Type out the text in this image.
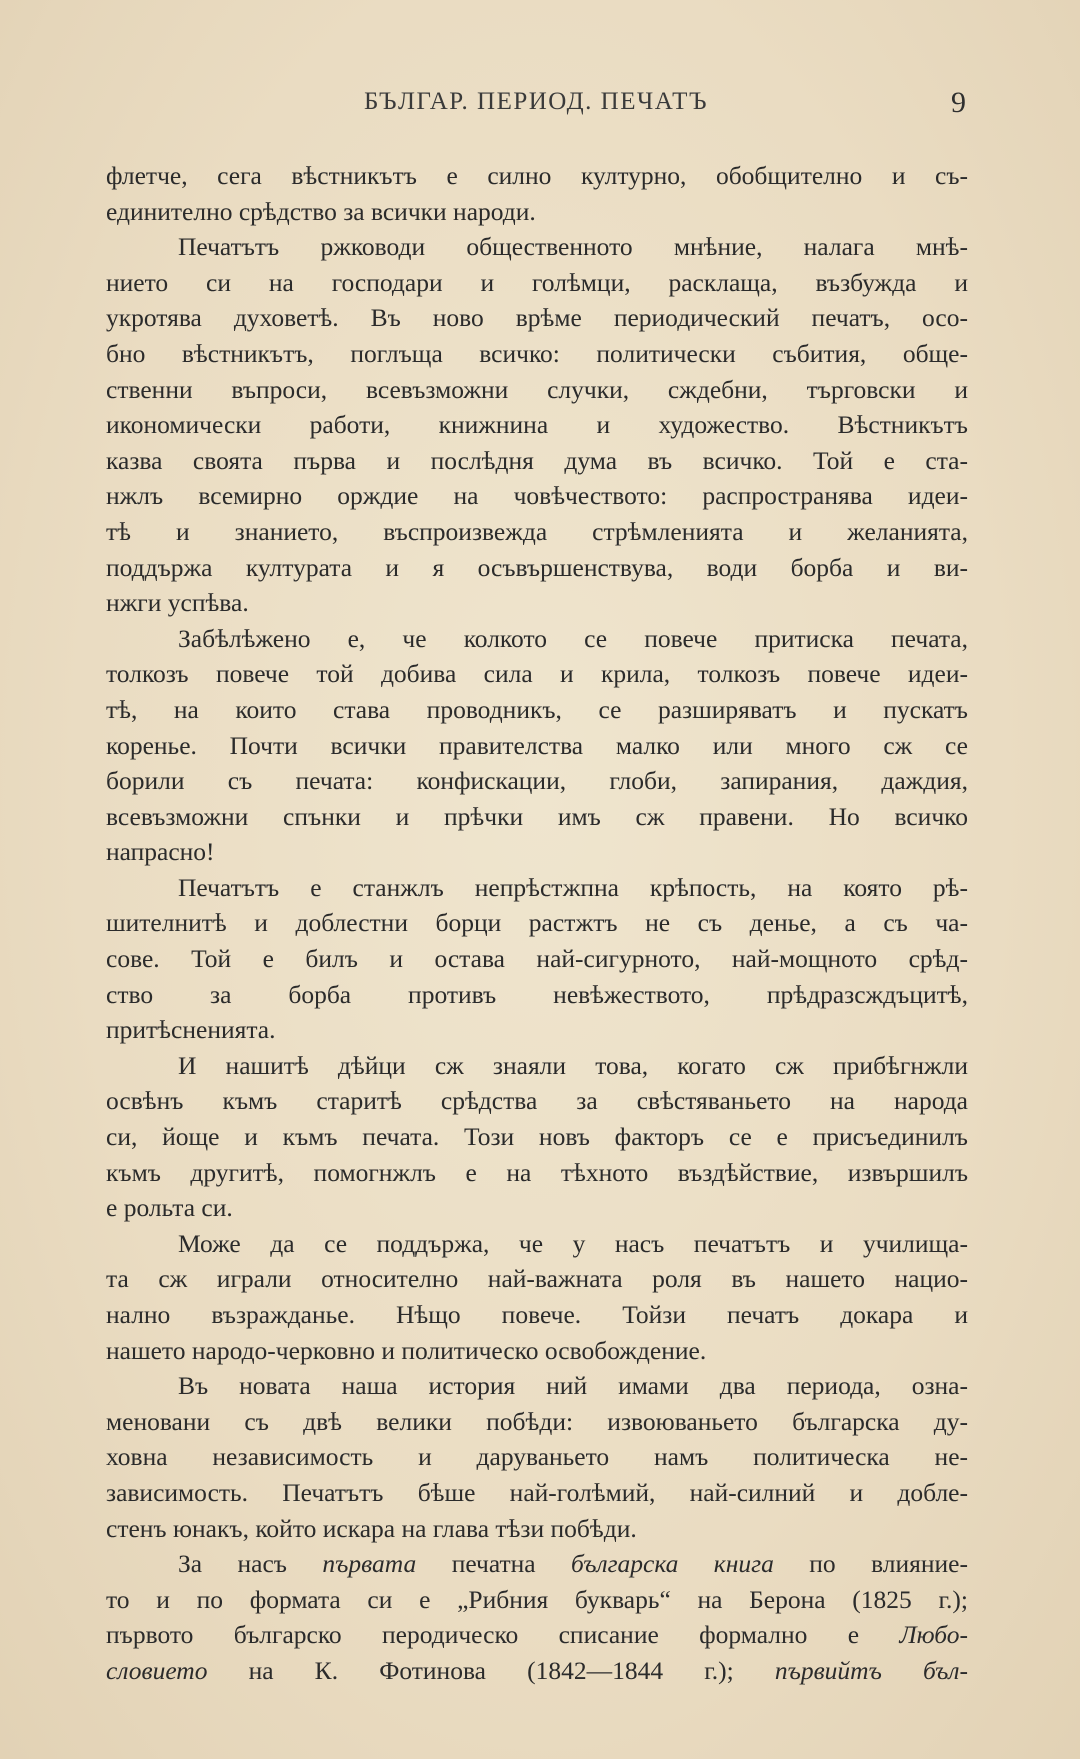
БЪЛГАР. ПЕРИОД. ПЕЧАТЪ	9
флетче, сега вѣстникътъ е силно културно, обобщително и съ-
единително срѣдство за всички народи.
Печатътъ ржководи общественното мнѣние, налага мнѣ-
нието си на господари и голѣмци, расклаща, възбужда и
укротява духоветѣ. Въ ново врѣме периодический печатъ, осо-
бно вѣстникътъ, поглъща всичко: политически събития, обще-
ственни въпроси, всевъзможни случки, сждебни, търговски и
икономически работи, книжнина и художество. Вѣстникътъ
казва своята първа и послѣдня дума въ всичко. Той е ста-
нжлъ всемирно орждие на човѣчеството: распространява идеи-
тѣ и знанието, въспроизвежда стрѣмленията и желанията,
поддържа културата и я осъвършенствува, води борба и ви-
нжги успѣва.
Забѣлѣжено е, че колкото се повече притиска печата,
толкозъ повече той добива сила и крила, толкозъ повече идеи-
тѣ, на които става проводникъ, се разширяватъ и пускатъ
коренье. Почти всички правителства малко или много сж се
борили съ печата: конфискации, глоби, запирания, даждия,
всевъзможни спънки и прѣчки имъ сж правени. Но всичко
напрасно!
Печатътъ е станжлъ непрѣстжпна крѣпость, на която рѣ-
шителнитѣ и доблестни борци растжтъ не съ денье, а съ ча-
сове. Той е билъ и остава най-сигурното, най-мощното срѣд-
ство за борба противъ невѣжеството, прѣдразсждъцитѣ,
притѣсненията.
И нашитѣ дѣйци сж знаяли това, когато сж прибѣгнжли
освѣнъ къмъ старитѣ срѣдства за свѣстяваньето на народа
си, йоще и къмъ печата. Този новъ факторъ се е присъединилъ
къмъ другитѣ, помогнжлъ е на тѣхното въздѣйствие, извършилъ
е рольта си.
Може да се поддържа, че у насъ печатътъ и училища-
та сж играли относително най-важната роля въ нашето нацио-
нално възражданье. Нѣщо повече. Тойзи печатъ докара и
нашето народо-черковно и политическо освобождение.
Въ новата наша история ний имами два периода, озна-
меновани съ двѣ велики побѣди: извоюваньето българска ду-
ховна независимость и даруваньето намъ политическа не-
зависимость. Печатътъ бѣше най-голѣмий, най-силний и добле-
стенъ юнакъ, който искара на глава тѣзи побѣди.
За насъ първата печатна българска книга по влияние-
то и по формата си е „Рибния букварь“ на Берона (1825 г.);
първото българско перодическо списание формално е Любо-
словието на К. Фотинова (1842—1844 г.); първийтъ бъл-
